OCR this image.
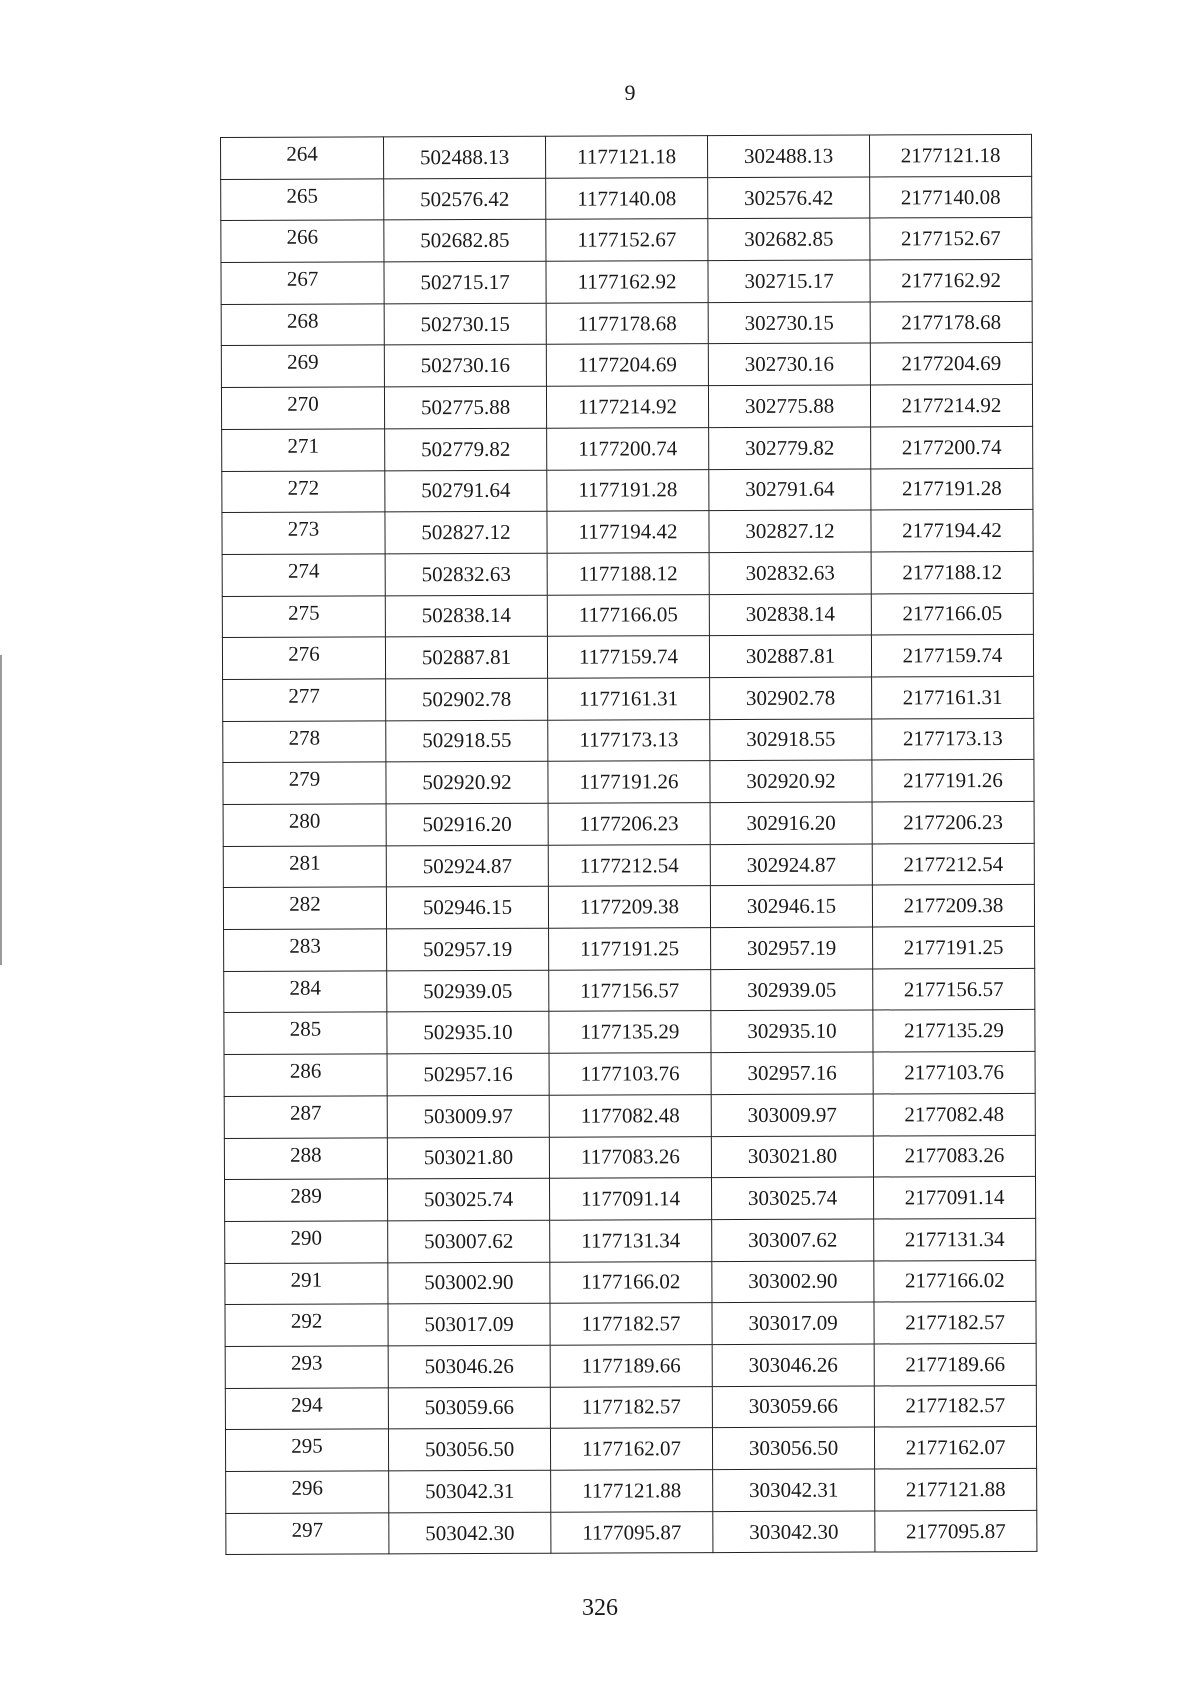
9
264	502488.13	1177121.18	302488.13	2177121.18
265	502576.42	1177140.08	302576.42	2177140.08
266	502682.85	1177152.67	302682.85	2177152.67
267	502715.17	1177162.92	302715.17	2177162.92
268	502730.15	1177178.68	302730.15	2177178.68
269	502730.16	1177204.69	302730.16	2177204.69
270	502775.88	1177214.92	302775.88	2177214.92
271	502779.82	1177200.74	302779.82	2177200.74
272	502791.64	1177191.28	302791.64	2177191.28
273	502827.12	1177194.42	302827.12	2177194.42
274	502832.63	1177188.12	302832.63	2177188.12
275	502838.14	1177166.05	302838.14	2177166.05
276	502887.81	1177159.74	302887.81	2177159.74
277	502902.78	1177161.31	302902.78	2177161.31
278	502918.55	1177173.13	302918.55	2177173.13
279	502920.92	1177191.26	302920.92	2177191.26
280	502916.20	1177206.23	302916.20	2177206.23
281	502924.87	1177212.54	302924.87	2177212.54
282	502946.15	1177209.38	302946.15	2177209.38
283	502957.19	1177191.25	302957.19	2177191.25
284	502939.05	1177156.57	302939.05	2177156.57
285	502935.10	1177135.29	302935.10	2177135.29
286	502957.16	1177103.76	302957.16	2177103.76
287	503009.97	1177082.48	303009.97	2177082.48
288	503021.80	1177083.26	303021.80	2177083.26
289	503025.74	1177091.14	303025.74	2177091.14
290	503007.62	1177131.34	303007.62	2177131.34
291	503002.90	1177166.02	303002.90	2177166.02
292	503017.09	1177182.57	303017.09	2177182.57
293	503046.26	1177189.66	303046.26	2177189.66
294	503059.66	1177182.57	303059.66	2177182.57
295	503056.50	1177162.07	303056.50	2177162.07
296	503042.31	1177121.88	303042.31	2177121.88
297	503042.30	1177095.87	303042.30	2177095.87
326
